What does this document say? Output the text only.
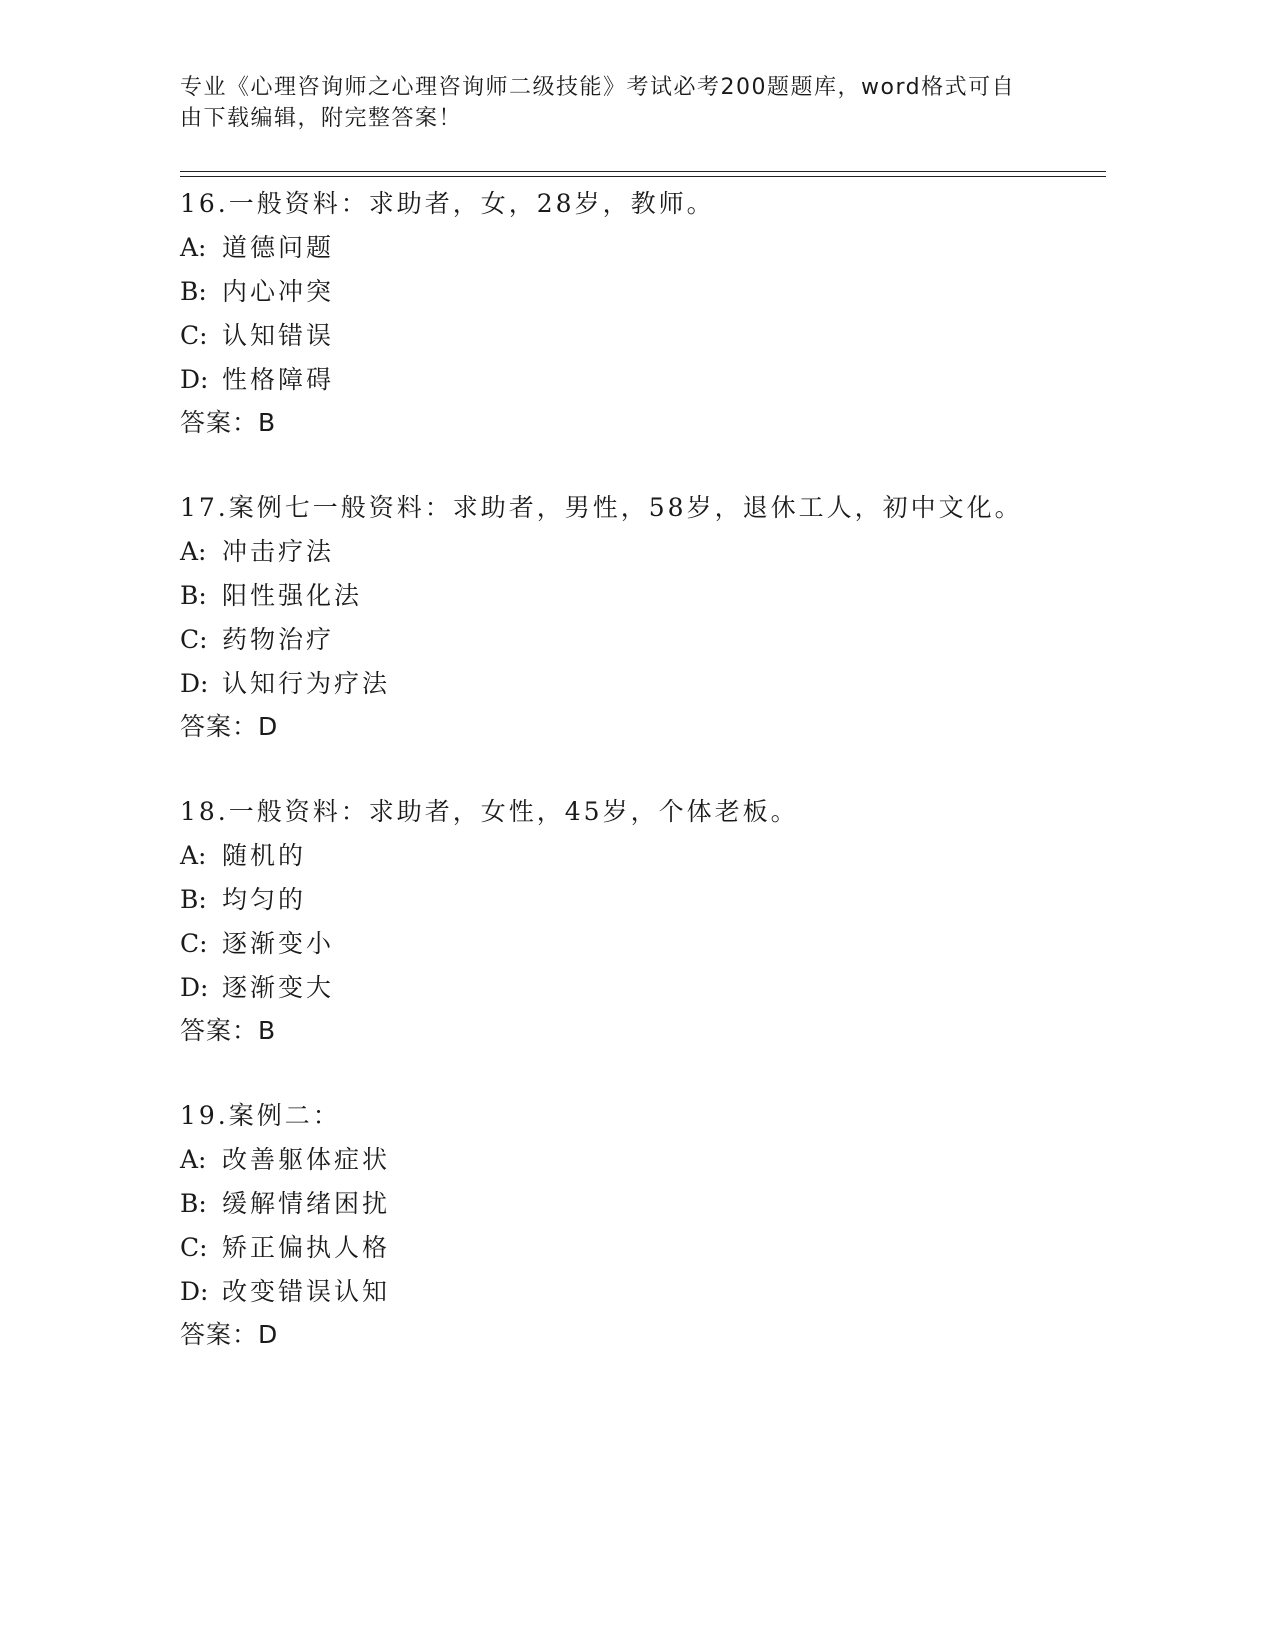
专业《心理咨询师之心理咨询师二级技能》考试必考200题题库，word格式可自
由下载编辑，附完整答案！
16.一般资料：求助者，女，28岁，教师。
A: 道德问题
B: 内心冲突
C: 认知错误
D: 性格障碍
答案：B
17.案例七一般资料：求助者，男性，58岁，退休工人，初中文化。
A: 冲击疗法
B: 阳性强化法
C: 药物治疗
D: 认知行为疗法
答案：D
18.一般资料：求助者，女性，45岁，个体老板。
A: 随机的
B: 均匀的
C: 逐渐变小
D: 逐渐变大
答案：B
19.案例二：
A: 改善躯体症状
B: 缓解情绪困扰
C: 矫正偏执人格
D: 改变错误认知
答案：D
